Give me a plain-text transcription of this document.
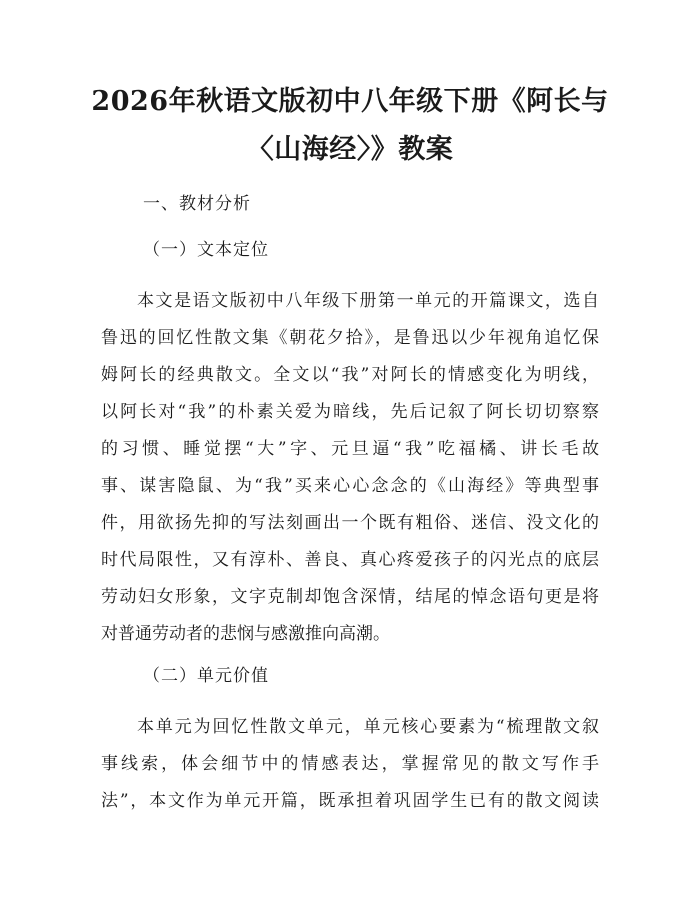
2026年秋语文版初中八年级下册《阿长与
〈山海经〉》教案
一、教材分析
（一）文本定位
本文是语文版初中八年级下册第一单元的开篇课文，选自
鲁迅的回忆性散文集《朝花夕拾》，是鲁迅以少年视角追忆保
姆阿长的经典散文。全文以“我”对阿长的情感变化为明线，
以阿长对“我”的朴素关爱为暗线，先后记叙了阿长切切察察
的习惯、睡觉摆“大”字、元旦逼“我”吃福橘、讲长毛故
事、谋害隐鼠、为“我”买来心心念念的《山海经》等典型事
件，用欲扬先抑的写法刻画出一个既有粗俗、迷信、没文化的
时代局限性，又有淳朴、善良、真心疼爱孩子的闪光点的底层
劳动妇女形象，文字克制却饱含深情，结尾的悼念语句更是将
对普通劳动者的悲悯与感激推向高潮。
（二）单元价值
本单元为回忆性散文单元，单元核心要素为“梳理散文叙
事线索，体会细节中的情感表达，掌握常见的散文写作手
法”，本文作为单元开篇，既承担着巩固学生已有的散文阅读
